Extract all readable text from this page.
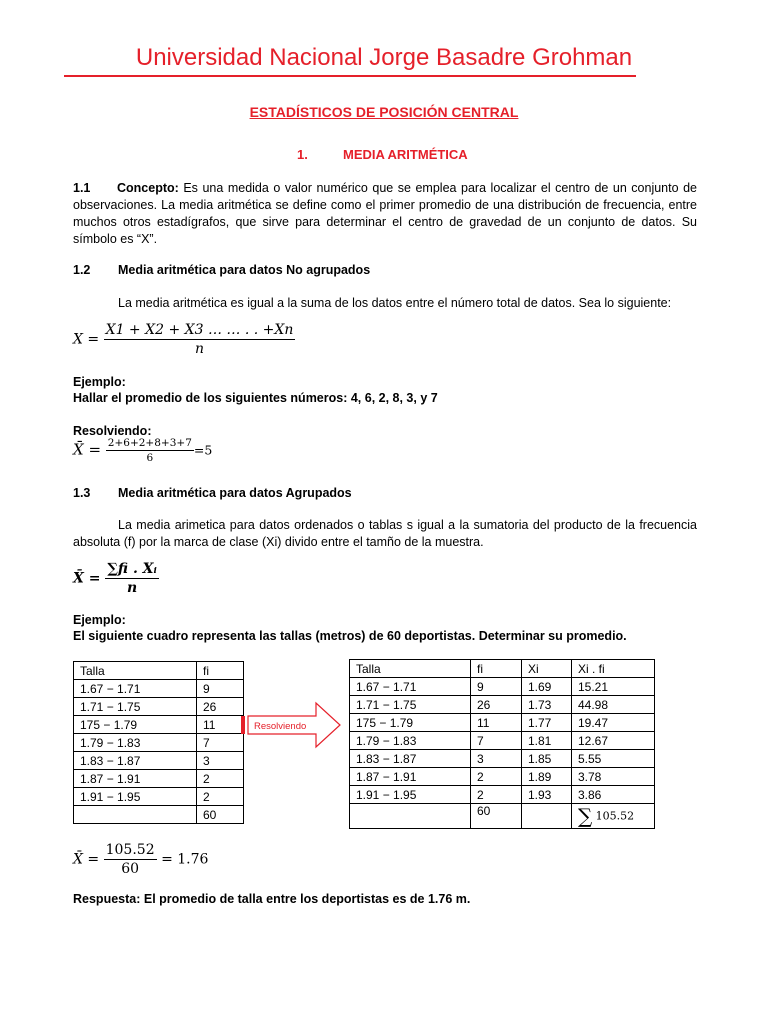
Universidad Nacional Jorge Basadre Grohman
ESTADÍSTICOS DE POSICIÓN CENTRAL
1.	MEDIA ARITMÉTICA
1.1 Concepto: Es una medida o valor numérico que se emplea para localizar el centro de un conjunto de observaciones. La media aritmética se define como el primer promedio de una distribución de frecuencia, entre muchos otros estadígrafos, que sirve para determinar el centro de gravedad de un conjunto de datos. Su símbolo es “X”.
1.2 Media aritmética para datos No agrupados
La media aritmética es igual a la suma de los datos entre el número total de datos. Sea lo siguiente:
$X = \frac{X1 + X2 + X3 \dots \dots . . +Xn}{n}$
Ejemplo:
Hallar el promedio de los siguientes números: 4, 6, 2, 8, 3, y 7
Resolviendo:
X̄ = $\frac{2+6+2+8+3+7}{6} =5$
1.3 Media aritmética para datos Agrupados
La media arimetica para datos ordenados o tablas s igual a la sumatoria del producto de la frecuencia absoluta (f) por la marca de clase (Xi) divido entre el tamño de la muestra.
X̄ = $\frac{\text{∑fi . Xᵢ}}{n}$
Ejemplo:
El siguiente cuadro representa las tallas (metros) de 60 deportistas. Determinar su promedio.
Talla	fi
1.67 − 1.71	9
1.71 − 1.75	26
175 − 1.79	11
1.79 − 1.83	7
1.83 − 1.87	3
1.87 − 1.91	2
1.91 − 1.95	2
	60
Resolviendo
Talla	fi	Xi	Xi . fi
1.67 − 1.71	9	1.69	15.21
1.71 − 1.75	26	1.73	44.98
175 − 1.79	11	1.77	19.47
1.79 − 1.83	7	1.81	12.67
1.83 − 1.87	3	1.85	5.55
1.87 − 1.91	2	1.89	3.78
1.91 − 1.95	2	1.93	3.86
	60		∑ 105.52
X̄ = $\frac{105.52}{60} = 1.76$
Respuesta: El promedio de talla entre los deportistas es de 1.76 m.
